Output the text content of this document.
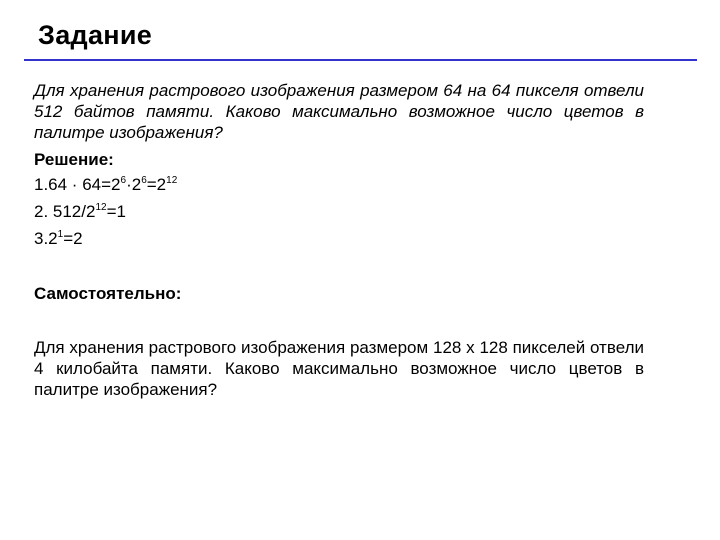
Задание

Для хранения растрового изображения размером 64 на 64 пикселя отвели 512 байтов памяти. Каково максимально возможное число цветов в палитре изображения?

Решение:
$1.64 \cdot 64=2^6\cdot 2^6=2^{12}$
2. $512/2^{12}=1$
$3.2^1=2$
Самостоятельно:

Для хранения растрового изображения размером 128 х 128 пикселей отвели 4 килобайта памяти. Каково максимально возможное число цветов в палитре изображения?
